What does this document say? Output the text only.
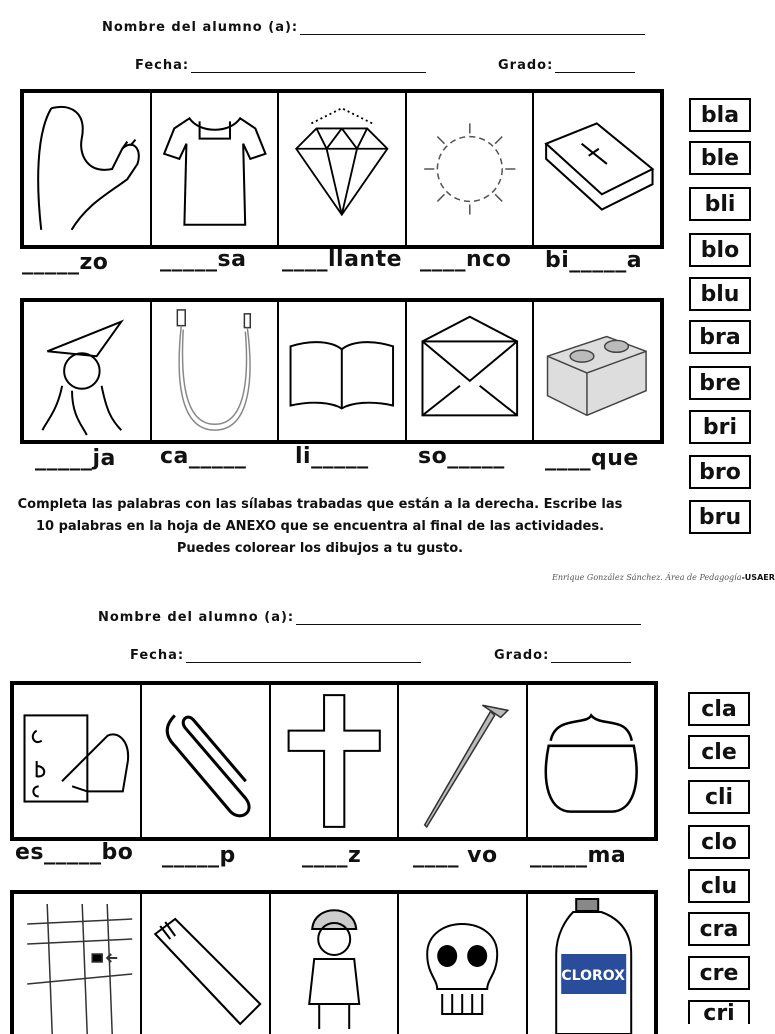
Nombre del alumno (a):
Fecha:	Grado:
_____zo _____sa ____llante ____nco bi_____a
_____ja ca_____ li_____ so_____ ____que
bla
ble
bli
blo
blu
bra
bre
bri
bro
bru
Completa las palabras con las sílabas trabadas que están a la derecha. Escribe las
10 palabras en la hoja de ANEXO que se encuentra al final de las actividades.
Puedes colorear los dibujos a tu gusto.
Enrique González Sánchez. Área de Pedagogía-USAER
Nombre del alumno (a):
Fecha:	Grado:
es_____bo _____p	____z ____ vo _____ma
CLOROX
cla
cle
cli
clo
clu
cra
cre
cri
